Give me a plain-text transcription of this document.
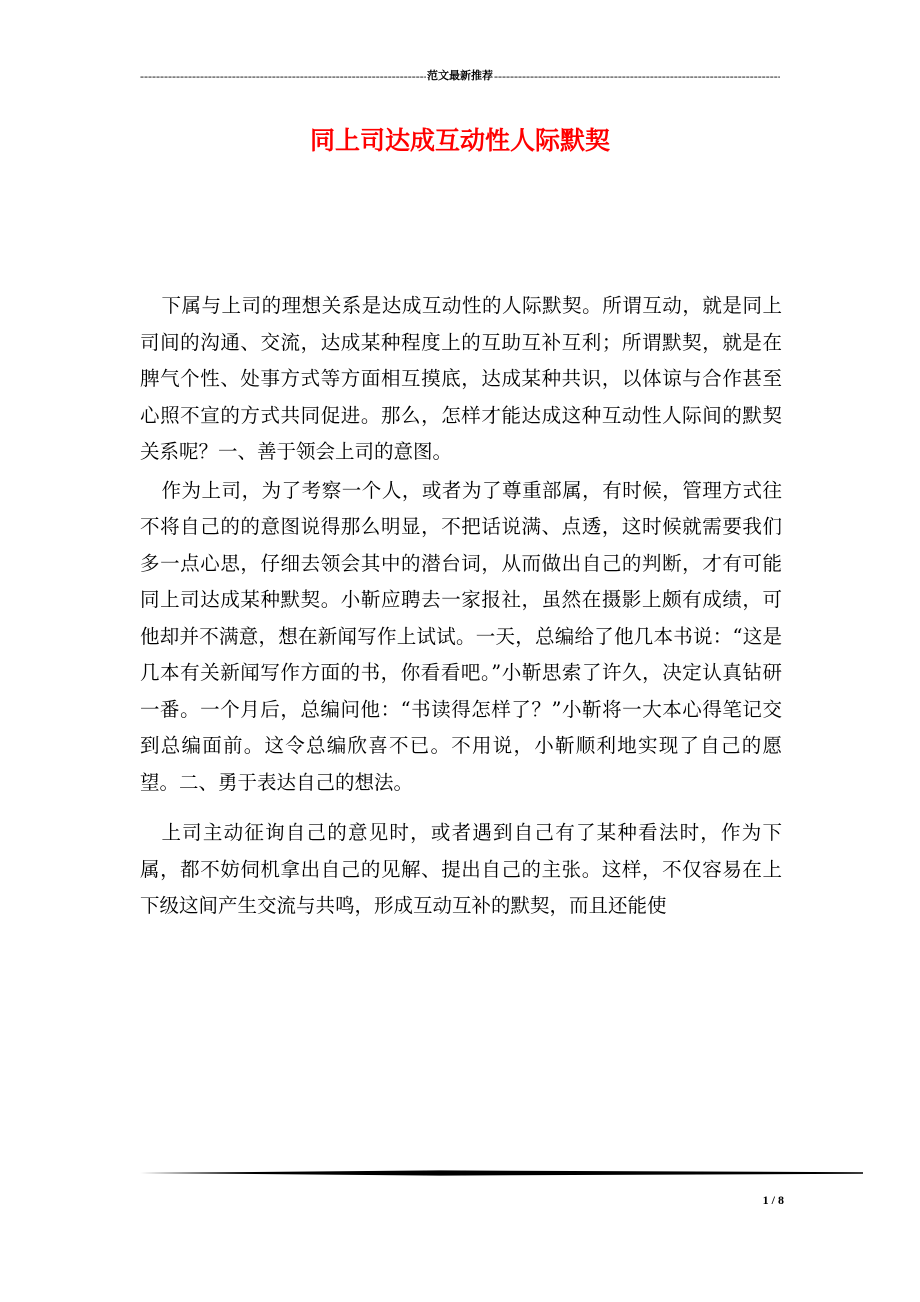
-----
范文最新推荐
-----
同上司达成互动性人际默契

下属与上司的理想关系是达成互动性的人际默契。所谓互动，就是同上司间的沟通、交流，达成某种程度上的互助互补互利；所谓默契，就是在脾气个性、处事方式等方面相互摸底，达成某种共识，以体谅与合作甚至心照不宣的方式共同促进。那么，怎样才能达成这种互动性人际间的默契关系呢？一、善于领会上司的意图。

作为上司，为了考察一个人，或者为了尊重部属，有时候，管理方式往不将自己的的意图说得那么明显，不把话说满、点透，这时候就需要我们多一点心思，仔细去领会其中的潜台词，从而做出自己的判断，才有可能同上司达成某种默契。小靳应聘去一家报社，虽然在摄影上颇有成绩，可他却并不满意，想在新闻写作上试试。一天，总编给了他几本书说：“这是几本有关新闻写作方面的书，你看看吧。”小靳思索了许久，决定认真钻研一番。一个月后，总编问他：“书读得怎样了？”小靳将一大本心得笔记交到总编面前。这令总编欣喜不已。不用说，小靳顺利地实现了自己的愿望。二、勇于表达自己的想法。

上司主动征询自己的意见时，或者遇到自己有了某种看法时，作为下属，都不妨伺机拿出自己的见解、提出自己的主张。这样，不仅容易在上下级这间产生交流与共鸣，形成互动互补的默契，而且还能使

1 / 8
